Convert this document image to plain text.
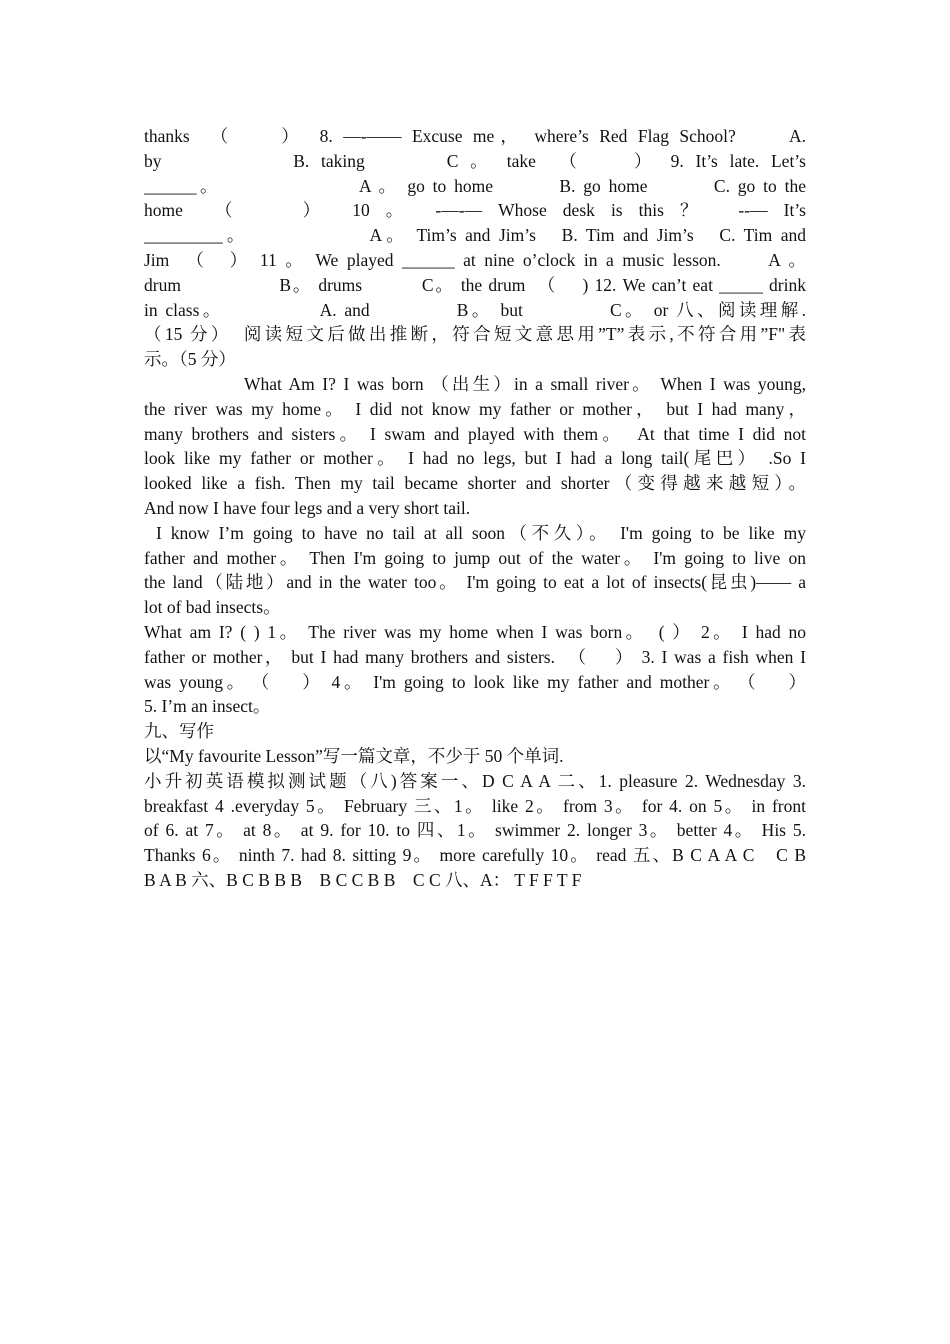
thanks　（　　）　8. —-—— Excuse me， where’s Red Flag School?　　A.
by　　　　　B. taking　　　C 。 take　（　　） 9. It’s late. Let’s
______。　　　　　　　A 。 go to home　　　B. go home　　　C. go to the
home　（　　）　10 。　-—-— Whose desk is this ？　--— It’s
_________。　　　　　　A。 Tim’s and Jim’s　B. Tim and Jim’s　C. Tim and
Jim　（　） 11 。 We played ______ at nine o’clock in a music lesson.　　A 。
drum　　　　　B。 drums　　　C。 the drum　（　 ) 12. We can’t eat _____ drink
in class。　　　　　A. and　　　　B。 but　　　　C。 or 八、阅读理解.
（15 分）　阅读短文后做出推断，符合短文意思用”T”表示,不符合用”F"表
示。（5 分）
What Am I? I was born （出生）in a small river。 When I was young,
the river was my home。 I did not know my father or mother， but I had many，
many brothers and sisters。 I swam and played with them。　At that time I did not
look like my father or mother。 I had no legs, but I had a long tail(尾巴） .So I
looked like a fish. Then my tail became shorter and shorter（变得越来越短）。
And now I have four legs and a very short tail.
I know I’m going to have no tail at all soon（不久）。 I'm going to be like my
father and mother。 Then I'm going to jump out of the water。 I'm going to live on
the land（陆地）and in the water too。 I'm going to eat a lot of insects(昆虫)—— a
lot of bad insects。
What am I? ( ) 1。 The river was my home when I was born。　( ） 2。 I had no
father or mother， but I had many brothers and sisters.　（　 ） 3. I was a fish when I
was young。　（　 ） 4。 I'm going to look like my father and mother。　（　 ）
5. I’m an insect。
九、写作
以“My favourite Lesson”写一篇文章，不少于 50 个单词.
小升初英语模拟测试题（八)答案一、D C A A 二、1. pleasure 2. Wednesday 3.
breakfast 4 .everyday 5。 February 三、1。 like 2。 from 3。 for 4. on 5。 in front
of 6. at 7。 at 8。 at 9. for 10. to 四、1。 swimmer 2. longer 3。 better 4。 His 5.
Thanks 6。 ninth 7. had 8. sitting 9。 more carefully 10。 read 五、B C A A C　C B
B A B 六、B C B B B　B C C B B　C C 八、A： T F F T F
